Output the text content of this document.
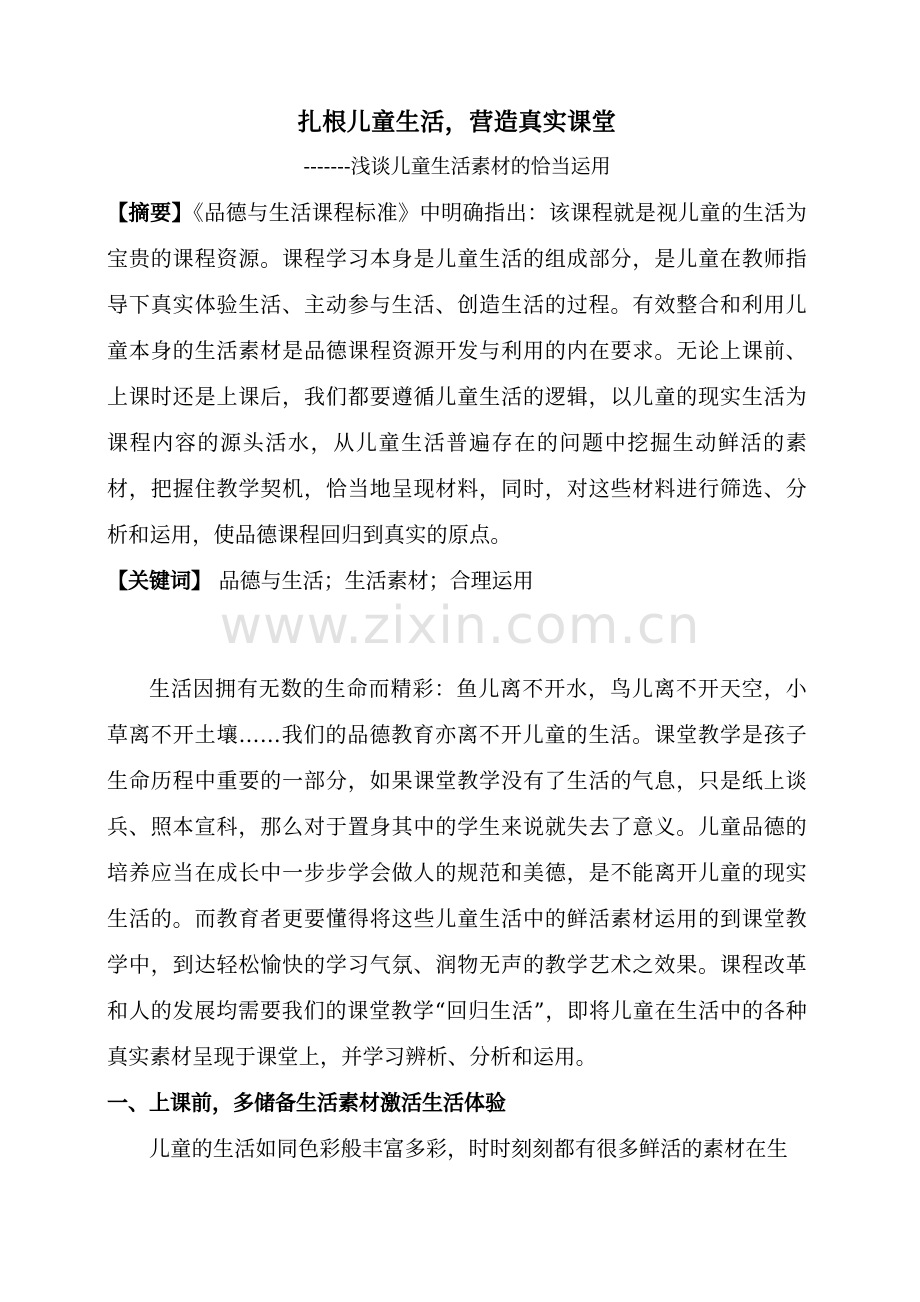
扎根儿童生活，营造真实课堂
-------浅谈儿童生活素材的恰当运用

【摘要】《品德与生活课程标准》中明确指出：该课程就是视儿童的生活为宝贵的课程资源。课程学习本身是儿童生活的组成部分，是儿童在教师指导下真实体验生活、主动参与生活、创造生活的过程。有效整合和利用儿童本身的生活素材是品德课程资源开发与利用的内在要求。无论上课前、上课时还是上课后，我们都要遵循儿童生活的逻辑，以儿童的现实生活为课程内容的源头活水，从儿童生活普遍存在的问题中挖掘生动鲜活的素材，把握住教学契机，恰当地呈现材料，同时，对这些材料进行筛选、分析和运用，使品德课程回归到真实的原点。

【关键词】 品德与生活；生活素材；合理运用

生活因拥有无数的生命而精彩：鱼儿离不开水，鸟儿离不开天空，小草离不开土壤……我们的品德教育亦离不开儿童的生活。课堂教学是孩子生命历程中重要的一部分，如果课堂教学没有了生活的气息，只是纸上谈兵、照本宣科，那么对于置身其中的学生来说就失去了意义。儿童品德的培养应当在成长中一步步学会做人的规范和美德，是不能离开儿童的现实生活的。而教育者更要懂得将这些儿童生活中的鲜活素材运用的到课堂教学中，到达轻松愉快的学习气氛、润物无声的教学艺术之效果。课程改革和人的发展均需要我们的课堂教学“回归生活”，即将儿童在生活中的各种真实素材呈现于课堂上，并学习辨析、分析和运用。

一、上课前，多储备生活素材激活生活体验

儿童的生活如同色彩般丰富多彩，时时刻刻都有很多鲜活的素材在生

www.zixin.com.cn
